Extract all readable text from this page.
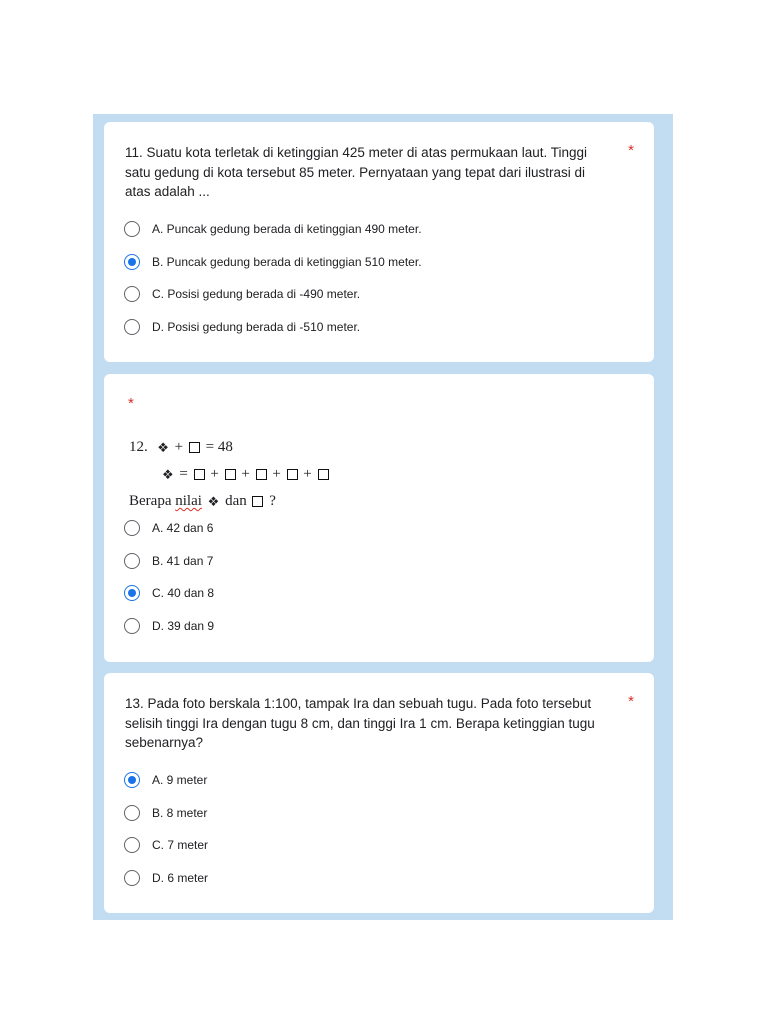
11. Suatu kota terletak di ketinggian 425 meter di atas permukaan laut. Tinggi satu gedung di kota tersebut 85 meter. Pernyataan yang tepat dari ilustrasi di atas adalah ...
*
A. Puncak gedung berada di ketinggian 490 meter.
B. Puncak gedung berada di ketinggian 510 meter.
C. Posisi gedung berada di -490 meter.
D. Posisi gedung berada di -510 meter.
*
12.
❖
+

= 48
❖
=

+

+

+

+

Berapa
nilai
❖
dan

?
A. 42 dan 6
B. 41 dan 7
C. 40 dan 8
D. 39 dan 9
13. Pada foto berskala 1:100, tampak Ira dan sebuah tugu. Pada foto tersebut selisih tinggi Ira dengan tugu 8 cm, dan tinggi Ira 1 cm. Berapa ketinggian tugu sebenarnya?
*
A. 9 meter
B. 8 meter
C. 7 meter
D. 6 meter
